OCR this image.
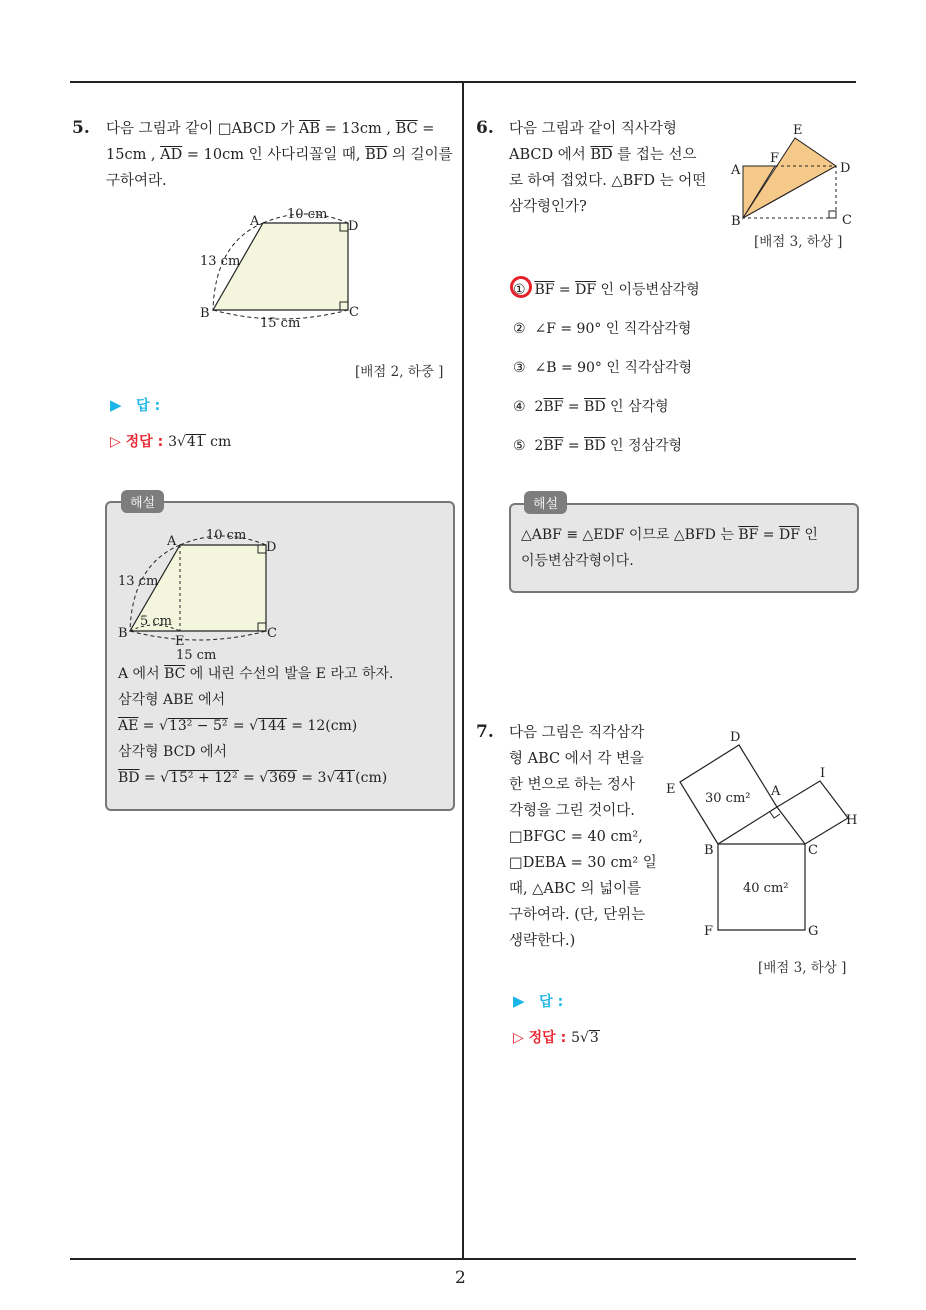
2
5. 다음 그림과 같이 □ABCD 가 $\overline{AB} = 13cm$ , $\overline{BC}$ =
15cm , $\overline{AD} = 10cm$ 인 사다리꼴일 때, $\overline{BD}$ 의 길이를
구하여라.
A	D
B	C
10 cm
13 cm
15 cm
[배점 2, 하중 ]
▶ 답 :
▷ 정답 : 3√41 cm
해설
A	D
B	C
E
10 cm
13 cm
5 cm
15 cm
A 에서 $\overline{BC}$ 에 내린 수선의 발을 E 라고 하자.
삼각형 ABE 에서
$\overline{AE} = √13^2 - 5^2 = √144 = 12(cm)$
삼각형 BCD 에서
$\overline{BD} = √15^2 + 12^2 = √369 = 3√41(cm)$
6. 다음 그림과 같이 직사각형
ABCD 에서 $\overline{BD}$ 를 접는 선으
로 하여 접었다. △BFD 는 어떤
삼각형인가?
A
B	C
D
E
F
[배점 3, 하상 ]
① $\overline{BF} = \overline{DF}$ 인 이등변삼각형
② ∠F = 90° 인 직각삼각형
③ ∠B = 90° 인 직각삼각형
④ $2\overline{BF} = \overline{BD}$ 인 삼각형
⑤ $2\overline{BF} = \overline{BD}$ 인 정삼각형
해설
△ABF ≡ △EDF 이므로 △BFD 는 $\overline{BF} = \overline{DF}$ 인
이등변삼각형이다.
7. 다음 그림은 직각삼각
형 ABC 에서 각 변을
한 변으로 하는 정사
각형을 그린 것이다.
□BFGC = 40 cm²,
□DEBA = 30 cm² 일
때, △ABC 의 넓이를
구하여라. (단, 단위는
생략한다.)
D
E	A
I
H
B	C
F	G
30 cm²
40 cm²
[배점 3, 하상 ]
▶ 답 :
▷ 정답 : 5√3
